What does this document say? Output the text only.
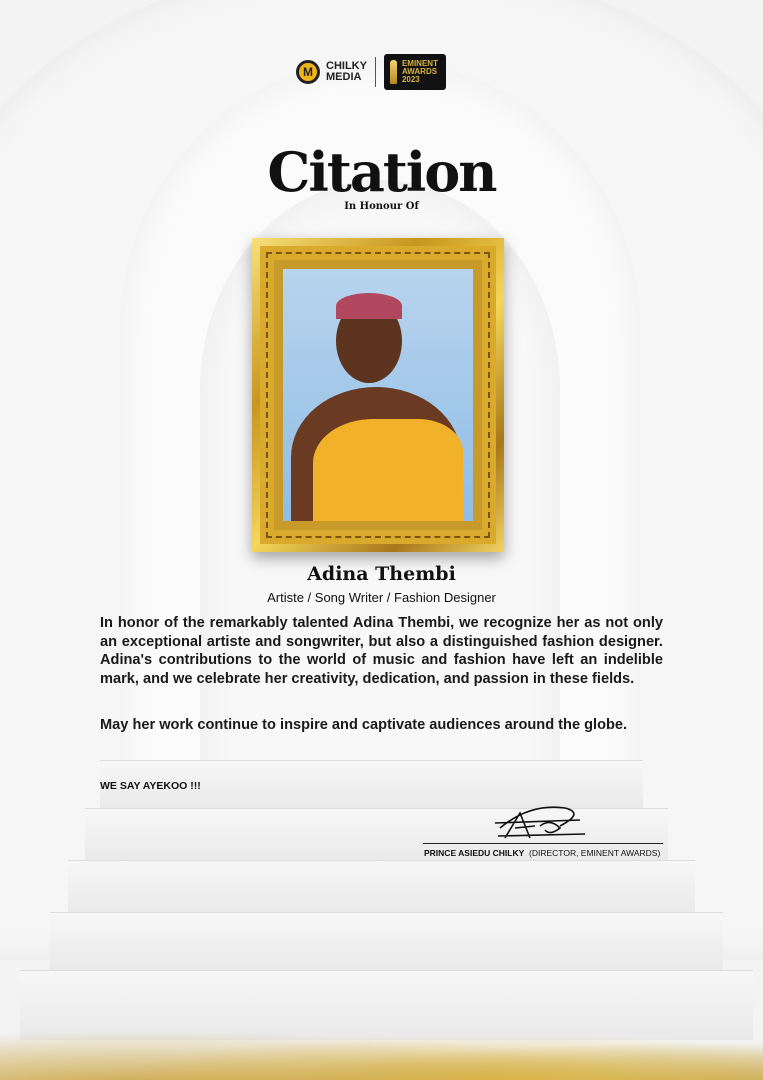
M CHILKY
MEDIA
EMINENT
AWARDS
2023
Citation
In Honour Of
Adina Thembi
Artiste / Song Writer / Fashion Designer
In honor of the remarkably talented Adina Thembi, we recognize her as not only an exceptional artiste and songwriter, but also a distinguished fashion designer. Adina's contributions to the world of music and fashion have left an indelible mark, and we celebrate her creativity, dedication, and passion in these fields.
May her work continue to inspire and captivate audiences around the globe.
WE SAY AYEKOO !!!
PRINCE ASIEDU CHILKY (DIRECTOR, EMINENT AWARDS)
